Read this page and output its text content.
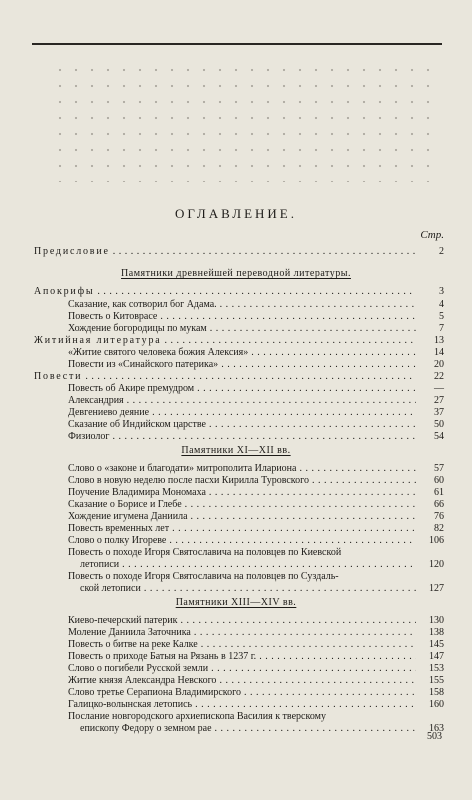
ОГЛАВЛЕНИЕ.
Стр.
Предисловие . . .	2
Памятники древнейшей переводной литературы.
Апокрифы . . .	3
Сказание, как сотворил бог Адама. . . .	4
Повесть о Китоврасе . . .	5
Хождение богородицы по мукам . . .	7
Житийная литература . . .	13
«Житие святого человека божия Алексия» . . .	14
Повести из «Синайского патерика» . . .	20
Повести . . .	22
Повесть об Акире премудром . . .	—
Александрия . . .	27
Девгениево деяние . . .	37
Сказание об Индийском царстве . . .	50
Физиолог . . .	54
Памятники XI—XII вв.
Слово о «законе и благодати» митрополита Илариона . . .	57
Слово в новую неделю после пасхи Кирилла Туровского . . .	60
Поучение Владимира Мономаха . . .	61
Сказание о Борисе и Глебе . . .	66
Хождение игумена Даниила . . .	76
Повесть временных лет . . .	82
Слово о полку Игореве . . .	106
Повесть о походе Игоря Святославича на половцев по Киевской
летописи . . .	120
Повесть о походе Игоря Святославича на половцев по Суздаль-
ской летописи . . .	127
Памятники XIII—XIV вв.
Киево-печерский патерик . . .	130
Моление Даниила Заточника . . .	138
Повесть о битве на реке Калке . . .	145
Повесть о приходе Батыя на Рязань в 1237 г. . . .	147
Слово о погибели Русской земли . . .	153
Житие князя Александра Невского . . .	155
Слово третье Серапиона Владимирского . . .	158
Галицко-волынская летопись . . .	160
Послание новгородского архиепископа Василия к тверскому
епископу Федору о земном рае . . .	163
503
